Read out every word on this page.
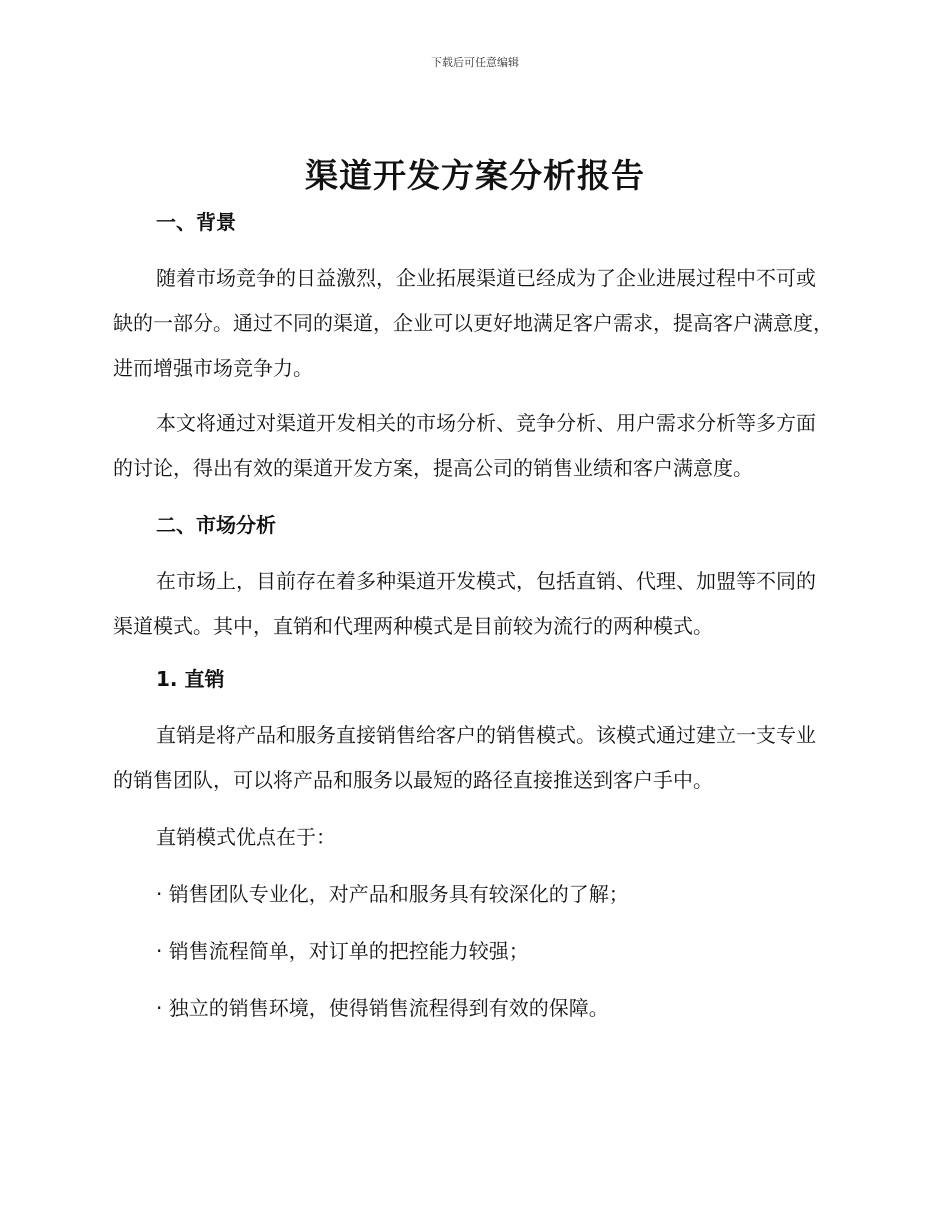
下载后可任意编辑
渠道开发方案分析报告
一、背景

随着市场竞争的日益激烈，企业拓展渠道已经成为了企业进展过程中不可或缺的一部分。通过不同的渠道，企业可以更好地满足客户需求，提高客户满意度，进而增强市场竞争力。

本文将通过对渠道开发相关的市场分析、竞争分析、用户需求分析等多方面的讨论，得出有效的渠道开发方案，提高公司的销售业绩和客户满意度。

二、市场分析

在市场上，目前存在着多种渠道开发模式，包括直销、代理、加盟等不同的渠道模式。其中，直销和代理两种模式是目前较为流行的两种模式。

1. 直销

直销是将产品和服务直接销售给客户的销售模式。该模式通过建立一支专业的销售团队，可以将产品和服务以最短的路径直接推送到客户手中。

直销模式优点在于：

· 销售团队专业化，对产品和服务具有较深化的了解；

· 销售流程简单，对订单的把控能力较强；

· 独立的销售环境，使得销售流程得到有效的保障。
